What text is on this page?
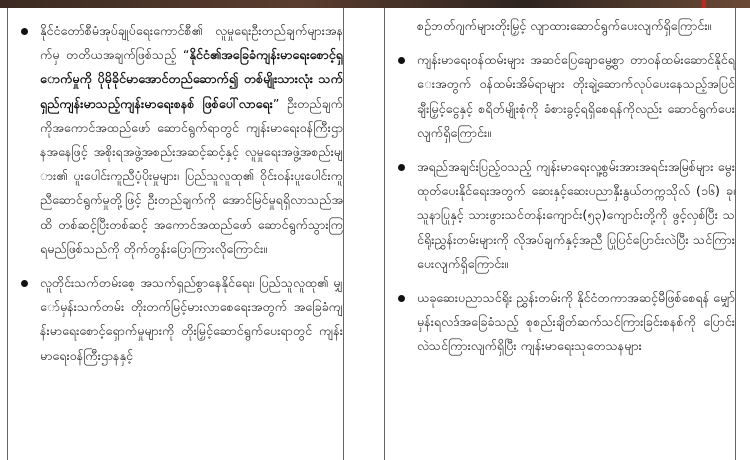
နိုင်ငံတော်စီမံအုပ်ချုပ်ရေးကောင်စီ၏ လူမှုရေးဦးတည်ချက်များအနက်မှ တတိယအချက်ဖြစ်သည့် “နိုင်ငံ၏အခြေခံကျန်းမာရေးစောင့်ရှောက်မှုကို ပိုမိုခိုင်မာအောင်တည်ဆောက်၍ တစ်မျိုးသားလုံး သက်ရှည်ကျန်းမာသည့်ကျန်းမာရေးစနစ် ဖြစ်ပေါ်လာရေး” ဦးတည်ချက်ကိုအကောင်အထည်ဖော် ဆောင်ရွက်ရာတွင် ကျန်းမာရေးဝန်ကြီးဌာနအနေဖြင့် အစိုးရအဖွဲ့အစည်းအဆင့်ဆင့်နှင့် လူမှုရေးအဖွဲ့အစည်းများ၏ ပူးပေါင်းကူညီပံ့ပိုးမှုများ၊ ပြည်သူလူထု၏ ဝိုင်းဝန်းပူးပေါင်းကူညီဆောင်ရွက်မှုတို့ဖြင့် ဦးတည်ချက်ကို အောင်မြင်မှုရရှိလာသည်အထိ တစ်ဆင့်ပြီးတစ်ဆင့် အကောင်အထည်ဖော် ဆောင်ရွက်သွားကြရမည်ဖြစ်သည်ကို တိုက်တွန်းပြောကြားလိုကြောင်း။

လူတိုင်းသက်တမ်းစေ့ အသက်ရှည်စွာနေနိုင်ရေး၊ ပြည်သူလူထု၏ မျှော်မှန်းသက်တမ်း တိုးတက်မြင့်မားလာစေရေးအတွက် အခြေခံကျန်းမာရေးစောင့်ရှောက်မှုများကို တိုးမြှင့်ဆောင်ရွက်ပေးရာတွင် ကျန်းမာရေးဝန်ကြီးဌာနနှင့်

စဉ်ဘတ်ဂျက်များတိုးမြှင့် လျာထားဆောင်ရွက်ပေးလျက်ရှိကြောင်း။

ကျန်းမာရေးဝန်ထမ်းများ အဆင်ပြေချောမွေ့စွာ တာဝန်ထမ်းဆောင်နိုင်ရေးအတွက် ဝန်ထမ်းအိမ်ရာများ တိုးချဲ့ဆောက်လုပ်ပေးနေသည့်အပြင် ချီးမြှင့်ငွေနှင့် စရိတ်မျိုးစုံကို ခံစားခွင့်ရရှိစေရန်ကိုလည်း ဆောင်ရွက်ပေးလျက်ရှိကြောင်း။

အရည်အချင်းပြည့်ဝသည့် ကျန်းမာရေးလူ့စွမ်းအားအရင်းအမြစ်များ မွေးထုတ်ပေးနိုင်ရေးအတွက် ဆေးနှင့်ဆေးပညာနှီးနွယ်တက္ကသိုလ် (၁၆) ခု၊ သူနာပြုနှင့် သားဖွားသင်တန်းကျောင်း(၅၃)ကျောင်းတို့ကို ဖွင့်လှစ်ပြီး သင်ရိုးညွှန်းတမ်းများကို လိုအပ်ချက်နှင့်အညီ ပြုပြင်ပြောင်းလဲပြီး သင်ကြားပေးလျက်ရှိကြောင်း။

ယခုဆေးပညာသင်ရိုး ညွှန်းတမ်းကို နိုင်ငံတကာအဆင့်မီဖြစ်စေရန် မျှော်မှန်းရလဒ်အခြေခံသည့် စုစည်းချိတ်ဆက်သင်ကြားခြင်းစနစ်ကို ပြောင်းလဲသင်ကြားလျက်ရှိပြီး ကျန်းမာရေးသုတေသနများ
